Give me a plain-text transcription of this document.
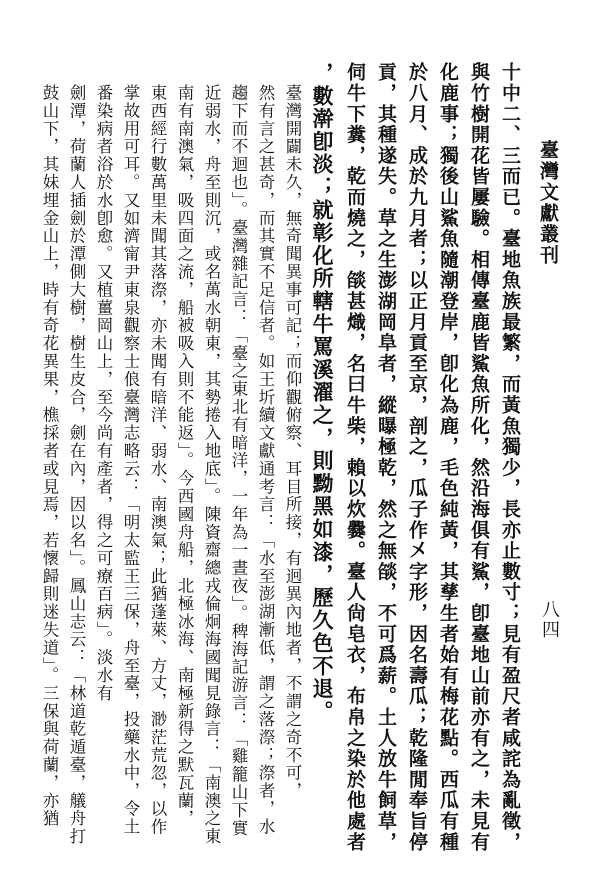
臺灣文獻叢刊
八四
十中二、三而已。臺地魚族最繁，而黃魚獨少，長亦止數寸；見有盈尺者咸詫為亂徵，
與竹樹開花皆屢驗。相傳臺鹿皆鯊魚所化，然沿海俱有鯊，卽臺地山前亦有之，未見有
化鹿事；獨後山鯊魚隨潮登岸，卽化為鹿，毛色純黃，其孳生者始有梅花點。西瓜有種
於八月、成於九月者；以正月貢至京，剖之，瓜子作㐅字形，因名壽瓜；乾隆閒奉旨停
貢，其種遂失。草之生澎湖岡阜者，縱曝極乾，然之無燄，不可爲薪。土人放牛飼草，
伺牛下糞，乾而燒之，燄甚熾，名曰牛柴，賴以炊爨。臺人尙皂衣，布帛之染於他處者
，數澣卽淡；就彰化所轄牛罵溪濯之，則黝黑如漆，歷久色不退。
臺灣開闢未久，無奇聞異事可記；而仰觀俯察、耳目所接，有迥異內地者，不謂之奇不可，
然有言之甚奇，而其實不足信者。如王圻續文獻通考言：「水至澎湖漸低，謂之落漈；漈者，水
趨下而不迴也」。臺灣雜記言：「臺之東北有暗洋，一年為一晝夜」。稗海記游言：「雞籠山下實
近弱水，舟至則沉，或名萬水朝東，其勢捲入地底」。陳資齋總戎倫炯海國聞見錄言：「南澳之東
南有南澳氣，吸四面之流，船被吸入則不能返」。今西國舟船，北極冰海、南極新得之默瓦蘭，
東西經行數萬里未聞其落漈，亦未聞有暗洋、弱水、南澳氣；此猶蓬萊、方丈，渺茫荒忽，以作
掌故用可耳。又如濟甯尹東泉觀察士俍臺灣志略云：「明太監王三保，舟至臺，投藥水中，令土
番染病者浴於水卽愈。又植薑岡山上，至今尚有產者，得之可療百病」。淡水有
劍潭，荷蘭人插劍於潭側大樹，樹生皮合，劍在內，因以名」。鳳山志云：「林道乾遁臺，艤舟打
鼓山下，其妹埋金山上，時有奇花異果，樵採者或見焉，若懷歸則迷失道」。三保與荷蘭，亦猶
